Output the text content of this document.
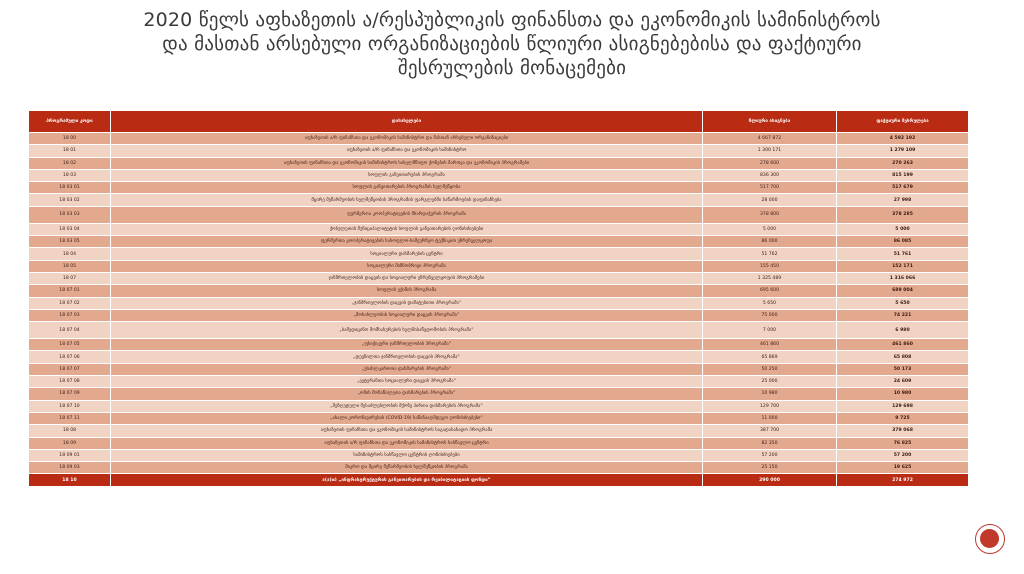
2020 წელს აფხაზეთის ა/რესპუბლიკის ფინანსთა და ეკონომიკის სამინისტროს
და მასთან არსებული ორგანიზაციების წლიური ასიგნებებისა და ფაქტიური
შესრულების მონაცემები
პროგრამული კოდი	დასახელება	წლიური ასიგნება	ფაქტიური შესრულება
18 00	აფხაზეთის ა/რ ფინანსთა და ეკონომიკის სამინისტრო და მასთან არსებული ორგანიზაციები	4 667 872	4 592 192
18 01	აფხაზეთის ა/რ ფინანსთა და ეკონომიკის სამინისტრო	1 300 171	1 279 109
18 02	აფხაზეთის ფინანსთა და ეკონომიკის სამინისტროს სახელმწიფო ქონების მართვა და ეკონომიკის პროგრამები	278 600	270 263
18 03	სოფლის განვითარების პროგრამა	836 300	815 199
18 03 01	სოფლის განვითარების პროგრამის ხელშეწყობა	517 700	517 679
18 03 02	მცირე მეწარმეობის ხელშეწყობის პროგრამის ფარგლებში საწარმოების დაფინანსება	28 000	27 998
18 03 03	ფერმერთა კოოპერატივების მხარდაჭერის პროგრამა	378 800	378 285
18 03 04	ქობულეთის მუნიციპალიტეტის სოფლის განვითარების ღონისძიებები	5 000	5 000
18 03 05	ფერმერთა კოოპერატივების სასოფლო-სამეურნეო ტექნიკით უზრუნველყოფა	86 000	86 085
18 04	სოციალური დახმარების ცენტრი	51 762	51 761
18 05	სოციალური მიზნობრივი პროგრამა	155 450	152 171
18 07	ჯანმრთელობის დაცვის და სოციალური უზრუნველყოფის პროგრამები	1 325 489	1 316 066
18 07 01	სოფლის ექიმის პროგრამა	695 600	689 004
18 07 02	„ჯანმრთელობის დაცვის დამატებითი პროგრამა“	5 650	5 650
18 07 03	„მოსახლეობის სოციალური დაცვის პროგრამა“	75 000	74 221
18 07 04	„სამედიცინო მომსახურების ხელმისაწვდომობის პროგრამა“	7 000	6 980
18 07 05	„ფსიქიკური ჯანმრთელობის პროგრამა“	461 860	461 860
18 07 06	„დევნილთა ჯანმრთელობის დაცვის პროგრამა“	65 869	65 808
18 07 07	„უსახლკაროთა დახმარების პროგრამა“	50 250	50 173
18 07 08	„ვეტერანთა სოციალური დაცვის პროგრამა“	25 000	24 609
18 07 09	„ომის მონაწილეთა დახმარების პროგრამა“	10 980	10 980
18 07 10	„შეზღუდული შესაძლებლობის მქონე პირთა დახმარების პროგრამა“	129 700	129 698
18 07 11	„ახალი კორონავირუსის (COVID-19) საწინააღმდეგო ღონისძიებები“	11 000	9 725
18 08	აფხაზეთის ფინანსთა და ეკონომიკის სამინისტროს საგადასახადო პროგრამა	387 700	379 068
18 09	აფხაზეთის ა/რ ფინანსთა და ეკონომიკის სამინისტროს სასწავლო ცენტრი	82 350	76 825
18 09 01	სამინისტროს სასწავლო ცენტრის ღონისძიებები	57 200	57 200
18 09 03	მიკრო და მცირე მეწარმეობის ხელშეწყობის პროგრამა	25 150	19 625
18 10	ა(ა)იპ „ინფრასტრუქტურის განვითარების და რეაბილიტაციის ფონდი“	290 000	274 972
